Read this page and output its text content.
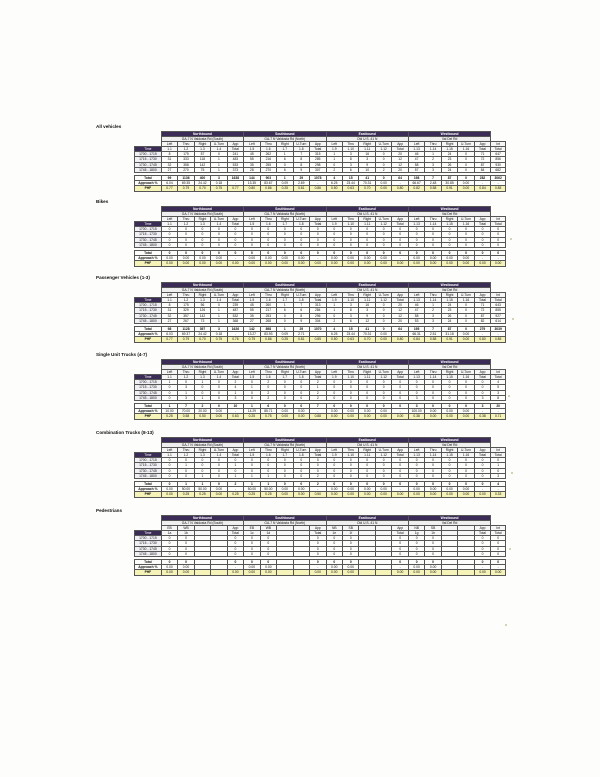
All vehicles
	Northbound					Southbound					Eastbound					Westbound					
	GA-7 N Valdosta Rd (South)					GA-7 N Valdosta Rd (North)					Old U.S. 41 N					Val Del Rd					
	Left	Thru	Right	U-Turn	App	Left	Thru	Right	U-Turn	App	Left	Thru	Right	U-Turn	App	Left	Thru	Right	U-Turn	App	Int
Time	1.1	1.2	1.3	1.4	Total	1.5	1.6	1.7	1.8	Total	1.9	1.10	1.11	1.12	Total	1.13	1.14	1.15	1.16	Total	Total
1700 - 1715	8	175	57	0	241	45	262	1	7	315	1	3	16	0	20	46	1	24	0	71	647
1715 - 1730	31	333	118	1	483	55	216	6	8	285	1	8	3	0	12	47	2	23	0	72	856
1730 - 1745	32	358	142	1	533	35	255	0	8	298	0	3	9	0	12	58	3	26	0	87	930
1745 - 1800	27	270	75	1	373	28	270	6	9	307	2	6	10	2	20	57	3	24	0	84	682

Total	99	1136	400	3	1638	144	903	1	29	1078	4	15	41	0	64	198	7	87	0	282	3062
Approach %	6.04	69.35	24.42	0.18	-	13.35	83.67	0.09	2.69	-	6.25	23.44	70.31	0.00	-	66.67	2.48	30.85	0.00	-	-
PHF	0.77	0.79	0.70	0.75	0.77	0.80	0.86	0.25	0.81	0.86	0.50	0.63	0.70	0.00	0.80	0.82	0.58	0.91	0.00	0.84	0.85
Bikes
	Northbound					Southbound					Eastbound					Westbound					
	GA-7 N Valdosta Rd (South)					GA-7 N Valdosta Rd (North)					Old U.S. 41 N					Val Del Rd					
	Left	Thru	Right	U-Turn	App	Left	Thru	Right	U-Turn	App	Left	Thru	Right	U-Turn	App	Left	Thru	Right	U-Turn	App	Int
Time	1.1	1.2	1.3	1.4	Total	1.5	1.6	1.7	1.8	Total	1.9	1.10	1.11	1.12	Total	1.13	1.14	1.15	1.16	Total	Total
1700 - 1715	0	0	0	0	0	0	0	0	0	0	0	0	0	0	0	0	0	0	0	0	0
1715 - 1730	0	0	0	0	0	0	0	0	0	0	0	0	0	0	0	0	0	0	0	0	0
1730 - 1745	0	0	0	0	0	0	0	0	0	0	0	0	0	0	0	0	0	0	0	0	0
1745 - 1800	0	0	0	0	0	0	0	0	0	0	0	0	0	0	0	0	0	0	0	0	0

Total	0	0	0	0	0	0	0	0	0	0	0	0	0	0	0	0	0	0	0	0	0
Approach %	0.00	0.00	0.00	0.00	-	0.00	0.00	0.00	0.00	-	0.00	0.00	0.00	0.00	-	0.00	0.00	0.00	0.00	-	-
PHF	0.00	0.00	0.00	0.00	0.00	0.00	0.00	0.00	0.00	0.00	0.00	0.00	0.00	0.00	0.00	0.00	0.00	0.00	0.00	0.00	0.00
Passenger Vehicles (1-3)
	Northbound					Southbound					Eastbound					Westbound					
	GA-7 N Valdosta Rd (South)					GA-7 N Valdosta Rd (North)					Old U.S. 41 N					Val Del Rd					
	Left	Thru	Right	U-Turn	App	Left	Thru	Right	U-Turn	App	Left	Thru	Right	U-Turn	App	Left	Thru	Right	U-Turn	App	Int
Time	1.1	1.2	1.3	1.4	Total	1.5	1.6	1.7	1.8	Total	1.9	1.10	1.11	1.12	Total	1.13	1.14	1.15	1.16	Total	Total
1700 - 1715	8	175	56	0	239	45	260	1	7	313	1	3	16	0	20	46	1	24	0	71	643
1715 - 1730	31	329	126	1	487	55	217	6	6	284	1	8	3	0	12	47	2	23	0	72	855
1730 - 1745	32	357	142	1	532	35	253	0	8	296	0	3	9	0	12	58	3	26	0	87	927
1745 - 1800	27	267	73	1	368	27	268	0	9	304	2	6	12	0	20	53	3	24	0	82	614

Total	98	1128	397	3	1626	142	898	1	29	1070	4	15	41	0	64	195	7	87	0	279	3039
Approach %	6.03	69.37	24.42	0.18	-	13.27	83.93	0.09	2.71	-	6.25	23.44	70.31	0.00	-	66.31	2.51	31.18	0.00	-	-
PHF	0.77	0.79	0.70	0.75	0.76	0.79	0.86	0.25	0.81	0.85	0.50	0.63	0.70	0.00	0.80	0.84	0.58	0.91	0.00	0.80	0.85
Single Unit Trucks (4-7)
	Northbound					Southbound					Eastbound					Westbound					
	GA-7 N Valdosta Rd (South)					GA-7 N Valdosta Rd (North)					Old U.S. 41 N					Val Del Rd					
	Left	Thru	Right	U-Turn	App	Left	Thru	Right	U-Turn	App	Left	Thru	Right	U-Turn	App	Left	Thru	Right	U-Turn	App	Int
Time	1.1	1.2	1.3	1.4	Total	1.5	1.6	1.7	1.8	Total	1.9	1.10	1.11	1.12	Total	1.13	1.14	1.15	1.16	Total	Total
1700 - 1715	1	0	1	0	2	0	2	0	0	2	0	0	0	0	0	0	0	0	0	0	4
1715 - 1730	0	3	0	0	4	1	0	0	0	1	0	0	0	0	0	0	0	0	0	0	5
1730 - 1745	0	1	0	0	1	0	2	0	0	2	0	0	0	0	0	0	0	0	0	0	3
1745 - 1800	0	3	1	0	3	0	2	0	0	2	0	0	0	0	0	3	0	0	0	3	8

Total	1	7	2	0	10	1	6	0	0	7	0	0	0	0	0	3	0	0	0	3	20
Approach %	10.00	70.00	20.00	0.00	-	14.29	85.71	0.00	0.00	-	0.00	0.00	0.00	0.00	-	100.00	0.00	0.00	0.00	-	-
PHF	0.25	0.58	0.50	0.00	0.63	0.25	0.75	0.00	0.00	0.88	0.00	0.00	0.00	0.00	0.00	0.38	0.00	0.00	0.00	0.38	0.71
Combination Trucks (8-13)
	Northbound					Southbound					Eastbound					Westbound					
	GA-7 N Valdosta Rd (South)					GA-7 N Valdosta Rd (North)					Old U.S. 41 N					Val Del Rd					
	Left	Thru	Right	U-Turn	App	Left	Thru	Right	U-Turn	App	Left	Thru	Right	U-Turn	App	Left	Thru	Right	U-Turn	App	Int
Time	1.1	1.2	1.3	1.4	Total	1.5	1.6	1.7	1.8	Total	1.9	1.10	1.11	1.12	Total	1.13	1.14	1.15	1.16	Total	Total
1700 - 1715	0	0	0	0	0	0	0	0	0	0	0	0	0	0	0	0	0	0	0	0	0
1715 - 1730	0	1	0	0	1	0	0	0	0	0	0	0	0	0	0	0	0	0	0	0	1
1730 - 1745	0	0	0	0	0	0	0	0	0	0	0	0	0	0	0	0	0	0	0	0	0
1745 - 1800	0	0	1	0	1	1	1	0	0	2	0	0	0	0	0	0	0	0	0	0	3

Total	0	1	1	0	2	1	1	0	0	2	0	0	0	0	0	0	0	0	0	0	4
Approach %	0.00	50.00	50.00	0.00	-	50.00	50.00	0.00	0.00	-	0.00	0.00	0.00	0.00	-	0.00	0.00	0.00	0.00	-	-
PHF	0.00	0.25	0.25	0.00	0.25	0.25	0.25	0.00	0.00	0.50	0.00	0.00	0.00	0.00	0.00	0.00	0.00	0.00	0.00	0.00	0.33
Pedestrians
	Northbound					Southbound					Eastbound					Westbound					
	GA-7 N Valdosta Rd (South)					GA-7 N Valdosta Rd (North)					Old U.S. 41 N					Val Del Rd					
	EB	WB			App	EB	WB			App	NB	SB			App	NB	SB			App	Int
Time	1a	1b			Total	1c	1d			Total	1e	1f			Total	1g	1h			Total	Total
1700 - 1715	0	0			0	0	0			0	0	0			0	0	0			0	0
1715 - 1730	0	0			0	0	0			0	0	0			0	0	0			0	0
1730 - 1745	0	0			0	0	0			0	0	0			0	0	0			0	0
1745 - 1800	0	0			0	0	0			0	0	0			0	0	0			0	0

Total	0	0			0	0	0			0	0	0			0	0	0			0	0
Approach %	0.00	0.00			-	0.00	0.00			-	0.00	0.00			-	0.00	0.00			-	-
PHF	0.00	0.00			0.00	0.00	0.00			0.00	0.00	0.00			0.00	0.00	0.00			0.00	0.00
